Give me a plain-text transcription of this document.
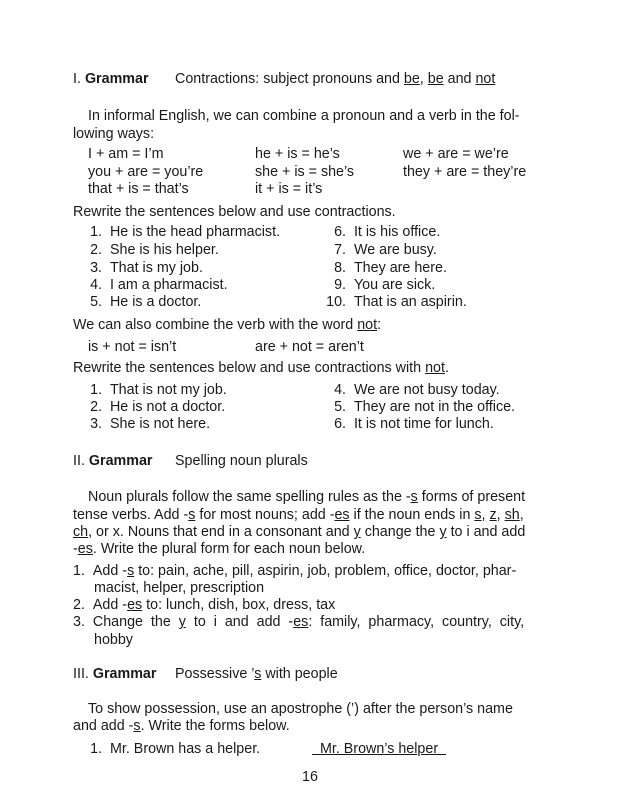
I. Grammar Contractions: subject pronouns and be, be and not
In informal English, we can combine a pronoun and a verb in the fol-
lowing ways:
I + am = I’m	he + is = he’s	we + are = we’re
you + are = you’re	she + is = she’s	they + are = they’re
that + is = that’s	it + is = it’s
Rewrite the sentences below and use contractions.
1. He is the head pharmacist.
2. She is his helper.
3. That is my job.
4. I am a pharmacist.
5. He is a doctor.
6. It is his office.
7. We are busy.
8. They are here.
9. You are sick.
10. That is an aspirin.
We can also combine the verb with the word not:
is + not = isn’t	are + not = aren’t
Rewrite the sentences below and use contractions with not.
1. That is not my job.
2. He is not a doctor.
3. She is not here.
4. We are not busy today.
5. They are not in the office.
6. It is not time for lunch.
II. Grammar Spelling noun plurals
Noun plurals follow the same spelling rules as the -s forms of present
tense verbs. Add -s for most nouns; add -es if the noun ends in s, z, sh,
ch, or x. Nouns that end in a consonant and y change the y to i and add
-es. Write the plural form for each noun below.
1. Add -s to: pain, ache, pill, aspirin, job, problem, office, doctor, phar-
macist, helper, prescription
2. Add -es to: lunch, dish, box, dress, tax
3. Change  the  y  to  i  and  add  -es:  family,  pharmacy,  country,  city,
hobby
III. Grammar Possessive ’s with people
To show possession, use an apostrophe (’) after the person’s name
and add -s. Write the forms below.
1. Mr. Brown has a helper.	Mr. Brown’s helper
16
